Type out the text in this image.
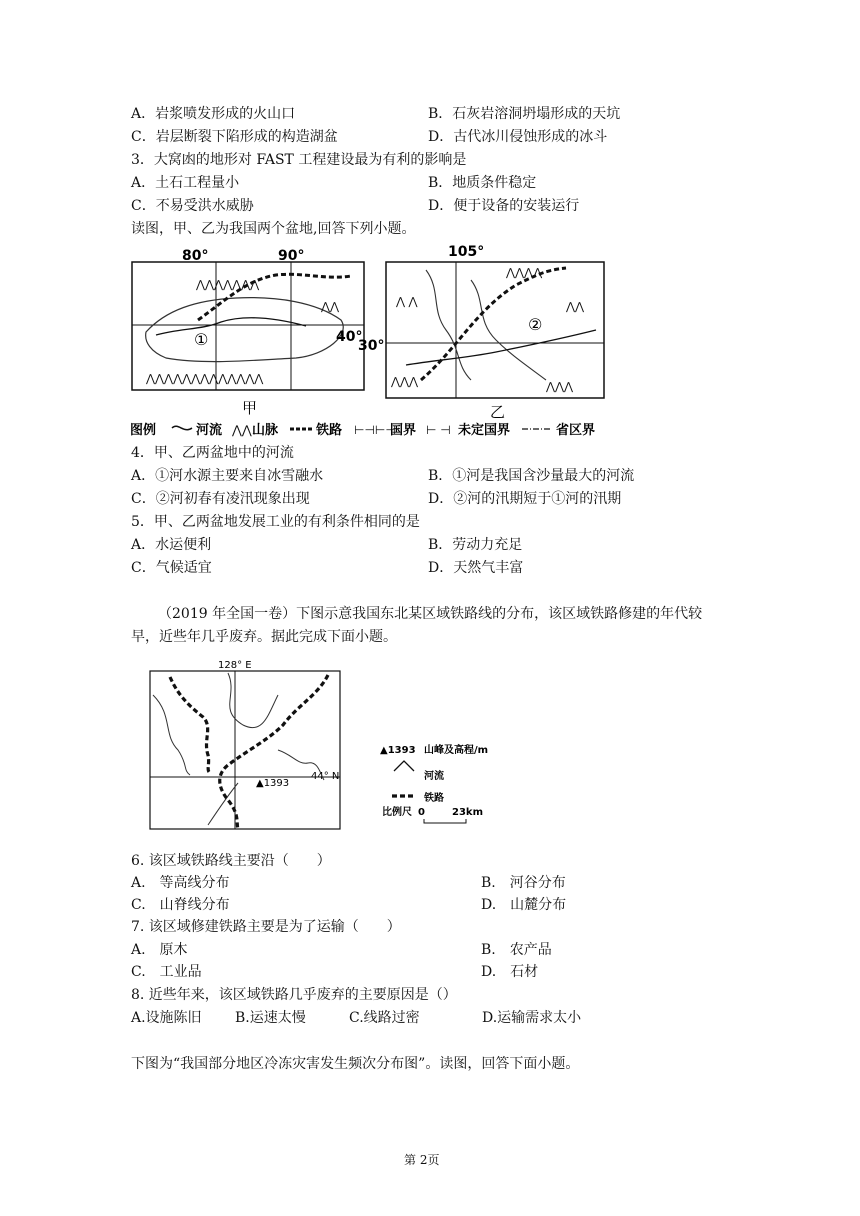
A．岩浆喷发形成的火山口	B．石灰岩溶洞坍塌形成的天坑
C．岩层断裂下陷形成的构造湖盆	D．古代冰川侵蚀形成的冰斗
3．大窝凼的地形对 FAST 工程建设最为有利的影响是
A．土石工程量小	B．地质条件稳定
C．不易受洪水威胁	D．便于设备的安装运行
读图，甲、乙为我国两个盆地,回答下列小题。
⋀⋀⋀⋀⋀⋀⋀
⋀⋀⋀⋀⋀⋀⋀⋀⋀⋀⋀⋀⋀
⋀⋀
80°	90°
40°
①
甲
⋀ ⋀
⋀⋀⋀⋀
⋀⋀
⋀⋀⋀	⋀⋀⋀
105°
30°
②
乙
图例	河流 ⋀⋀ 山脉	铁路 ⊢⊣⊢⊣
国界 ⊢ ⊣ 未定国界	省区界
4．甲、乙两盆地中的河流
A．①河水源主要来自冰雪融水	B．①河是我国含沙量最大的河流
C．②河初春有凌汛现象出现	D．②河的汛期短于①河的汛期
5．甲、乙两盆地发展工业的有利条件相同的是
A．水运便利	B．劳动力充足
C．气候适宜	D．天然气丰富
（2019 年全国一卷）下图示意我国东北某区域铁路线的分布，该区域铁路修建的年代较
早，近些年几乎废弃。据此完成下面小题。
128° E
44° N
▲1393
▲1393 山峰及高程/m
河流
铁路
比例尺 0	23km
6. 该区域铁路线主要沿（　　）
A.　等高线分布	B.　河谷分布
C.　山脊线分布	D.　山麓分布
7. 该区域修建铁路主要是为了运输（　　）
A.　原木	B.　农产品
C.　工业品	D.　石材
8. 近些年来，该区域铁路几乎废弃的主要原因是（）
A.设施陈旧 B.运速太慢	C.线路过密	D.运输需求太小
下图为“我国部分地区冷冻灾害发生频次分布图”。读图，回答下面小题。
第 2页
